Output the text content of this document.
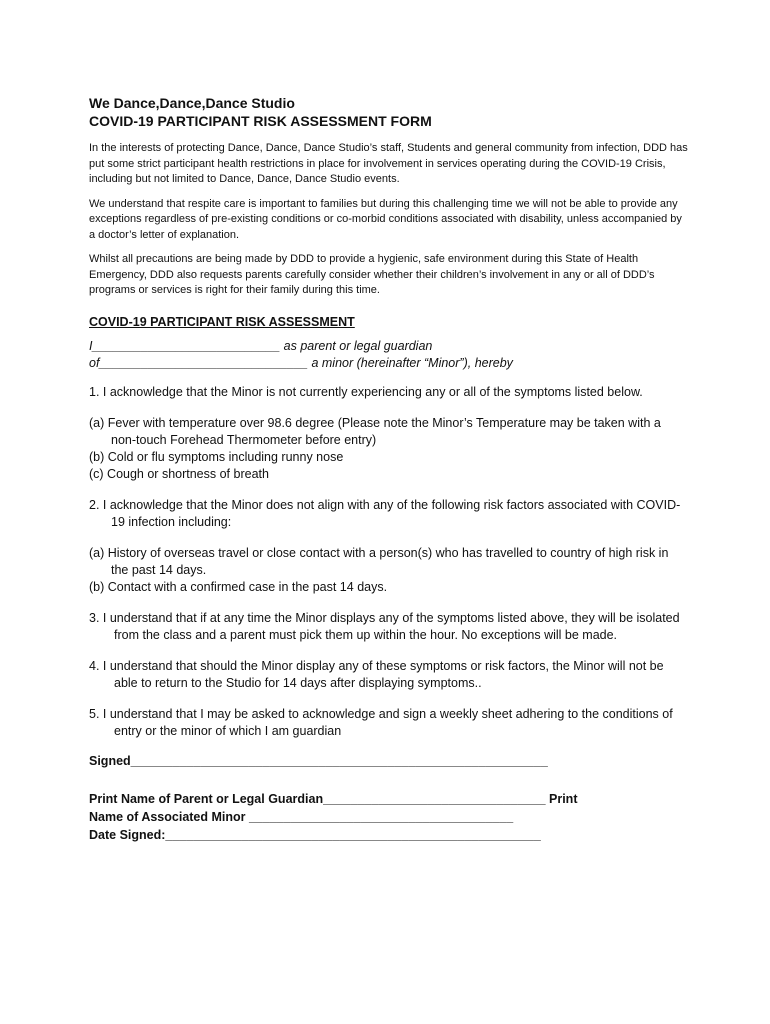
We Dance,Dance,Dance Studio

COVID-19 PARTICIPANT RISK ASSESSMENT FORM

In the interests of protecting Dance, Dance, Dance Studio’s staff, Students and general community from infection, DDD has put some strict participant health restrictions in place for involvement in services operating during the COVID-19 Crisis, including but not limited to Dance, Dance, Dance Studio events.

We understand that respite care is important to families but during this challenging time we will not be able to provide any exceptions regardless of pre-existing conditions or co-morbid conditions associated with disability, unless accompanied by a doctor’s letter of explanation.

Whilst all precautions are being made by DDD to provide a hygienic, safe environment during this State of Health Emergency, DDD also requests parents carefully consider whether their children’s involvement in any or all of DDD’s programs or services is right for their family during this time.

COVID-19 PARTICIPANT RISK ASSESSMENT

I___________________________ as parent or legal guardian
of______________________________ a minor (hereinafter “Minor”), hereby

1. I acknowledge that the Minor is not currently experiencing any or all of the symptoms listed below.

(a) Fever with temperature over 98.6 degree (Please note the Minor’s Temperature may be taken with a non-touch Forehead Thermometer before entry)

(b) Cold or flu symptoms including runny nose

(c) Cough or shortness of breath

2. I acknowledge that the Minor does not align with any of the following risk factors associated with COVID-19 infection including:

(a) History of overseas travel or close contact with a person(s) who has travelled to country of high risk in the past 14 days.

(b) Contact with a confirmed case in the past 14 days.

3. I understand that if at any time the Minor displays any of the symptoms listed above, they will be isolated from the class and a parent must pick them up within the hour. No exceptions will be made.

4. I understand that should the Minor display any of these symptoms or risk factors, the Minor will not be able to return to the Studio for 14 days after displaying symptoms..

5. I understand that I may be asked to acknowledge and sign a weekly sheet adhering to the conditions of entry or the minor of which I am guardian

Signed____________________________________________________________

Print Name of Parent or Legal Guardian________________________________ Print

Name of Associated Minor ______________________________________

Date Signed:______________________________________________________
